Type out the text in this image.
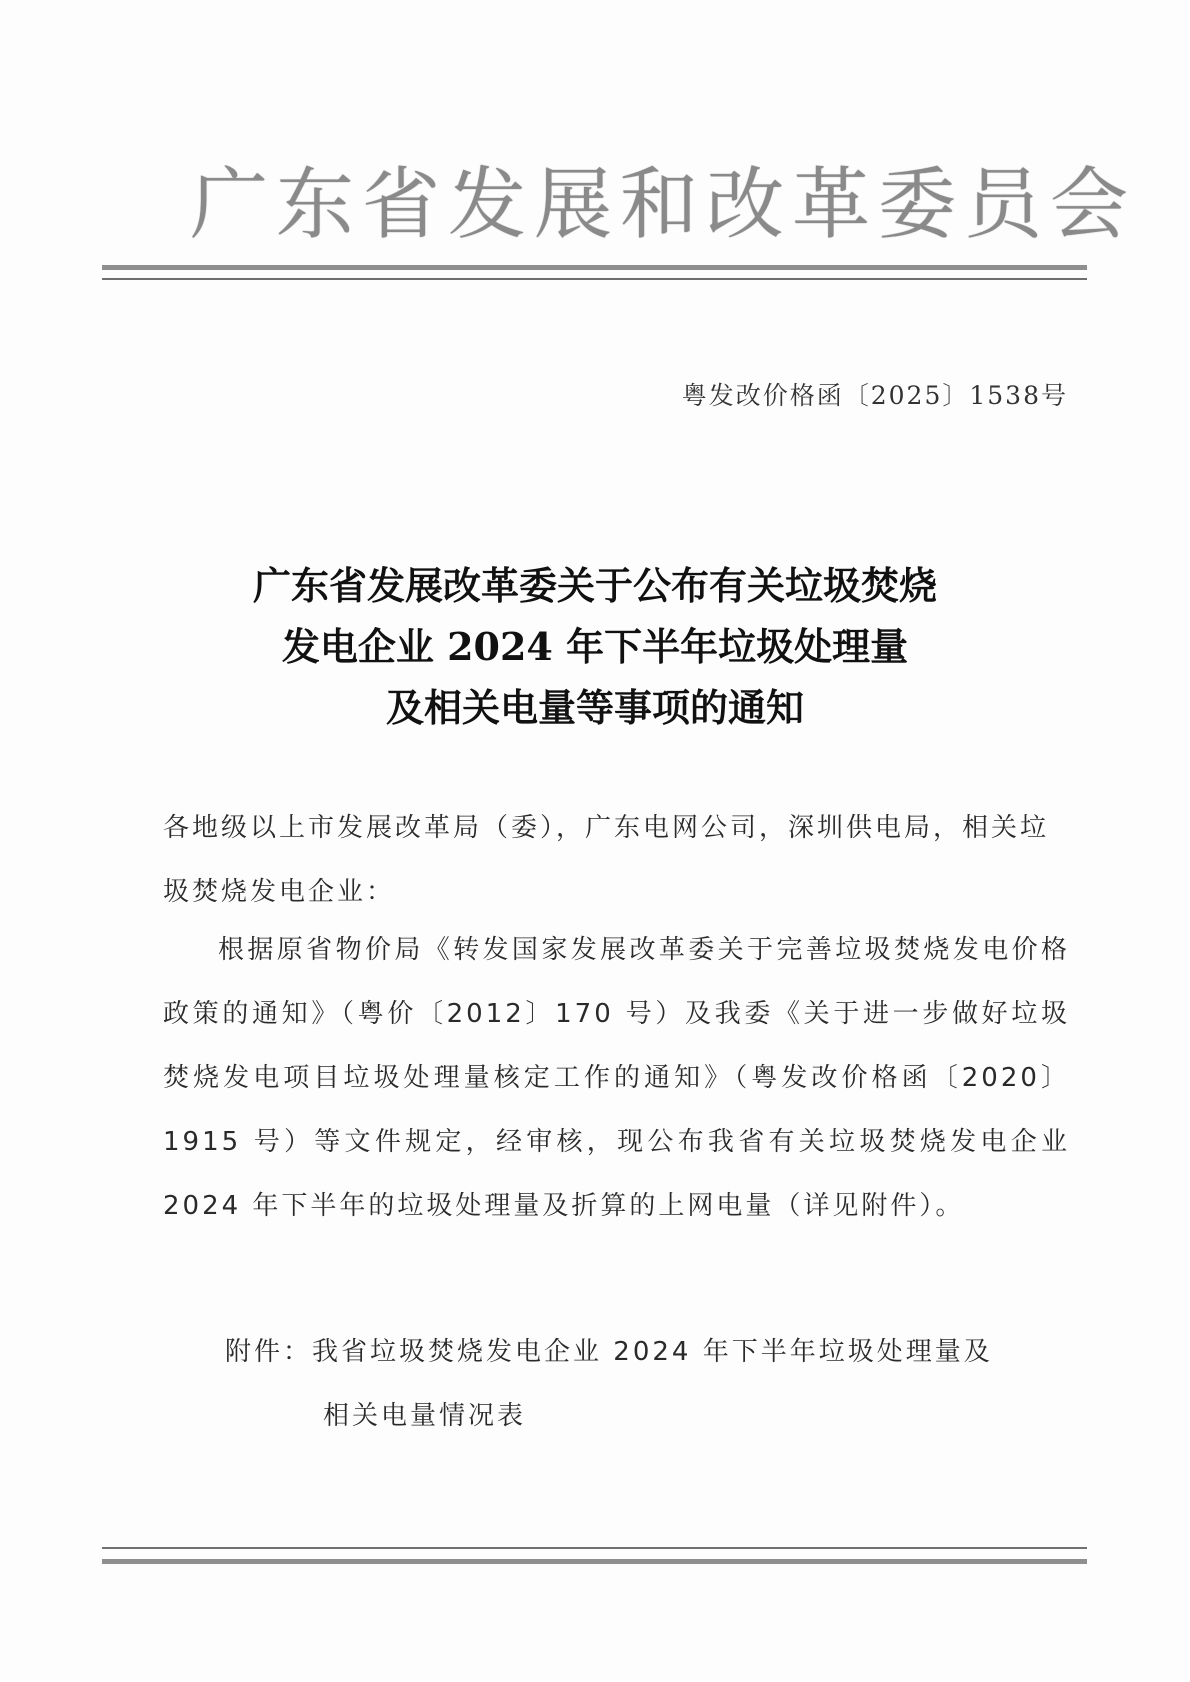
广东省发展和改革委员会
粤发改价格函〔2025〕1538号
广东省发展改革委关于公布有关垃圾焚烧
发电企业 2024 年下半年垃圾处理量
及相关电量等事项的通知
各地级以上市发展改革局（委），广东电网公司，深圳供电局，相关垃圾焚烧发电企业：
根据原省物价局《转发国家发展改革委关于完善垃圾焚烧发电价格政策的通知》（粤价〔2012〕170 号）及我委《关于进一步做好垃圾焚烧发电项目垃圾处理量核定工作的通知》（粤发改价格函〔2020〕1915 号）等文件规定，经审核，现公布我省有关垃圾焚烧发电企业 2024 年下半年的垃圾处理量及折算的上网电量（详见附件）。
附件：我省垃圾焚烧发电企业 2024 年下半年垃圾处理量及
相关电量情况表
